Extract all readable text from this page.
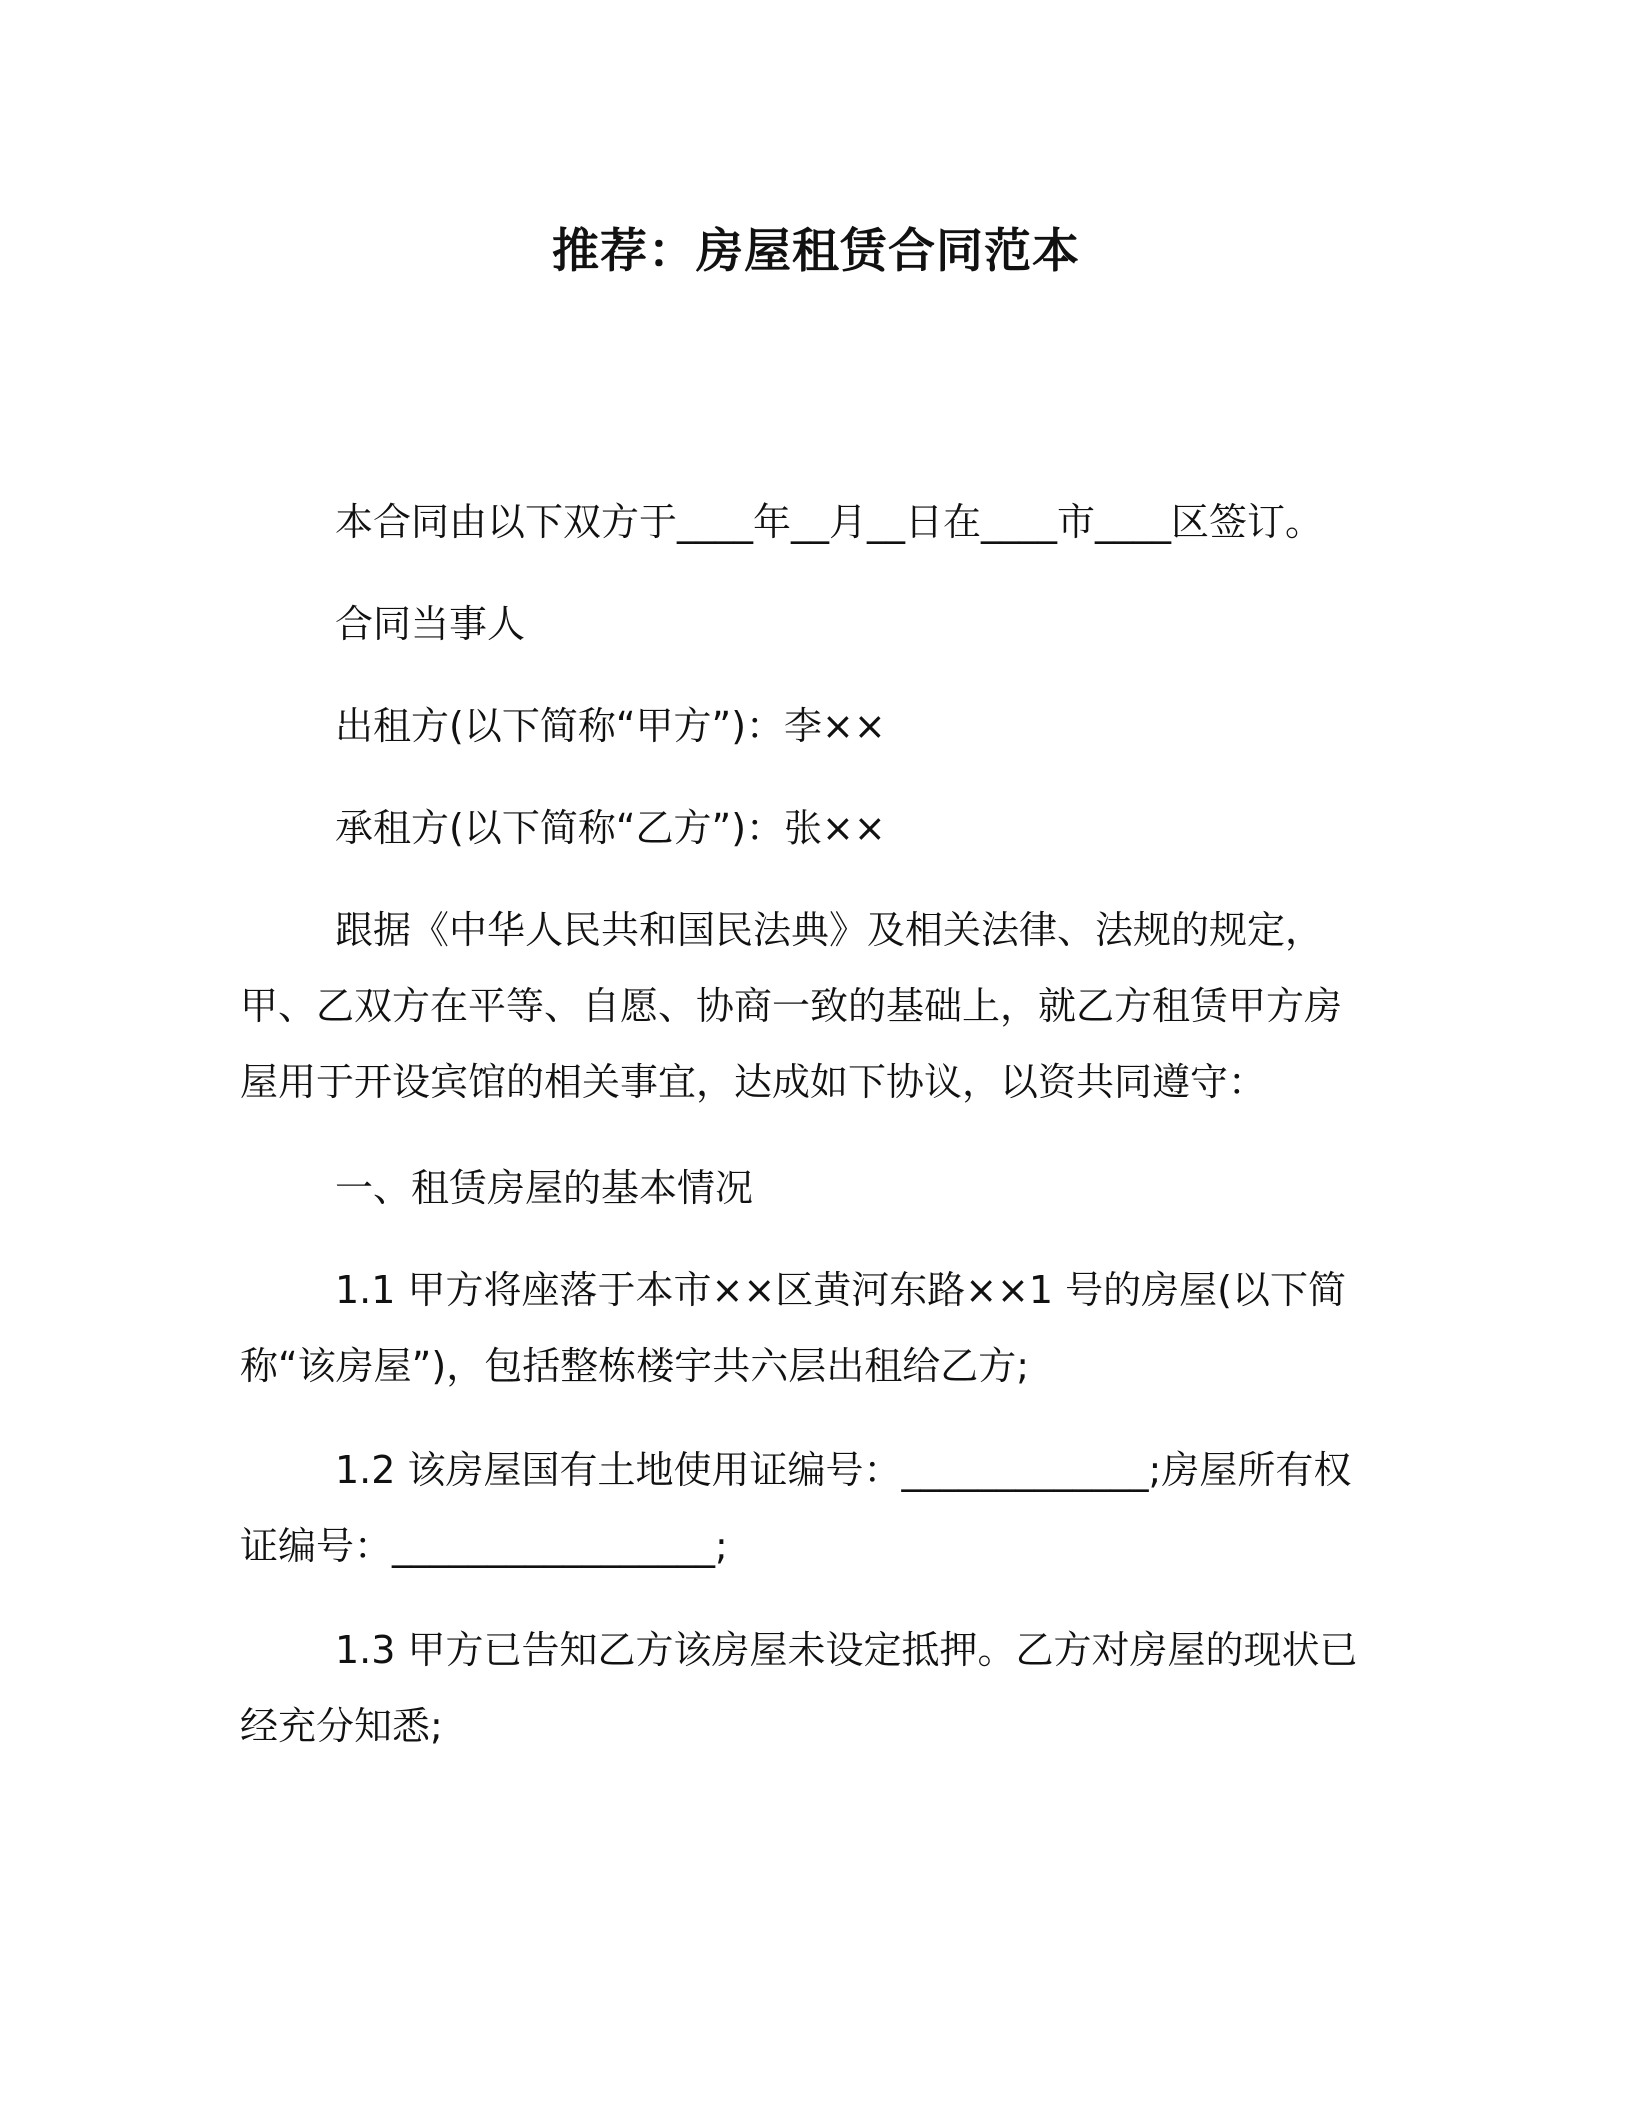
推荐：房屋租赁合同范本
本合同由以下双方于____年__月__日在____市____区签订。
合同当事人
出租方(以下简称“甲方”)：李××
承租方(以下简称“乙方”)：张××
跟据《中华人民共和国民法典》及相关法律、法规的规定，甲、乙双方在平等、自愿、协商一致的基础上，就乙方租赁甲方房屋用于开设宾馆的相关事宜，达成如下协议，以资共同遵守：
一、租赁房屋的基本情况
1.1 甲方将座落于本市××区黄河东路××1 号的房屋(以下简称“该房屋”)，包括整栋楼宇共六层出租给乙方;
1.2 该房屋国有土地使用证编号：_____________;房屋所有权证编号：_________________;
1.3 甲方已告知乙方该房屋未设定抵押。乙方对房屋的现状已经充分知悉;
